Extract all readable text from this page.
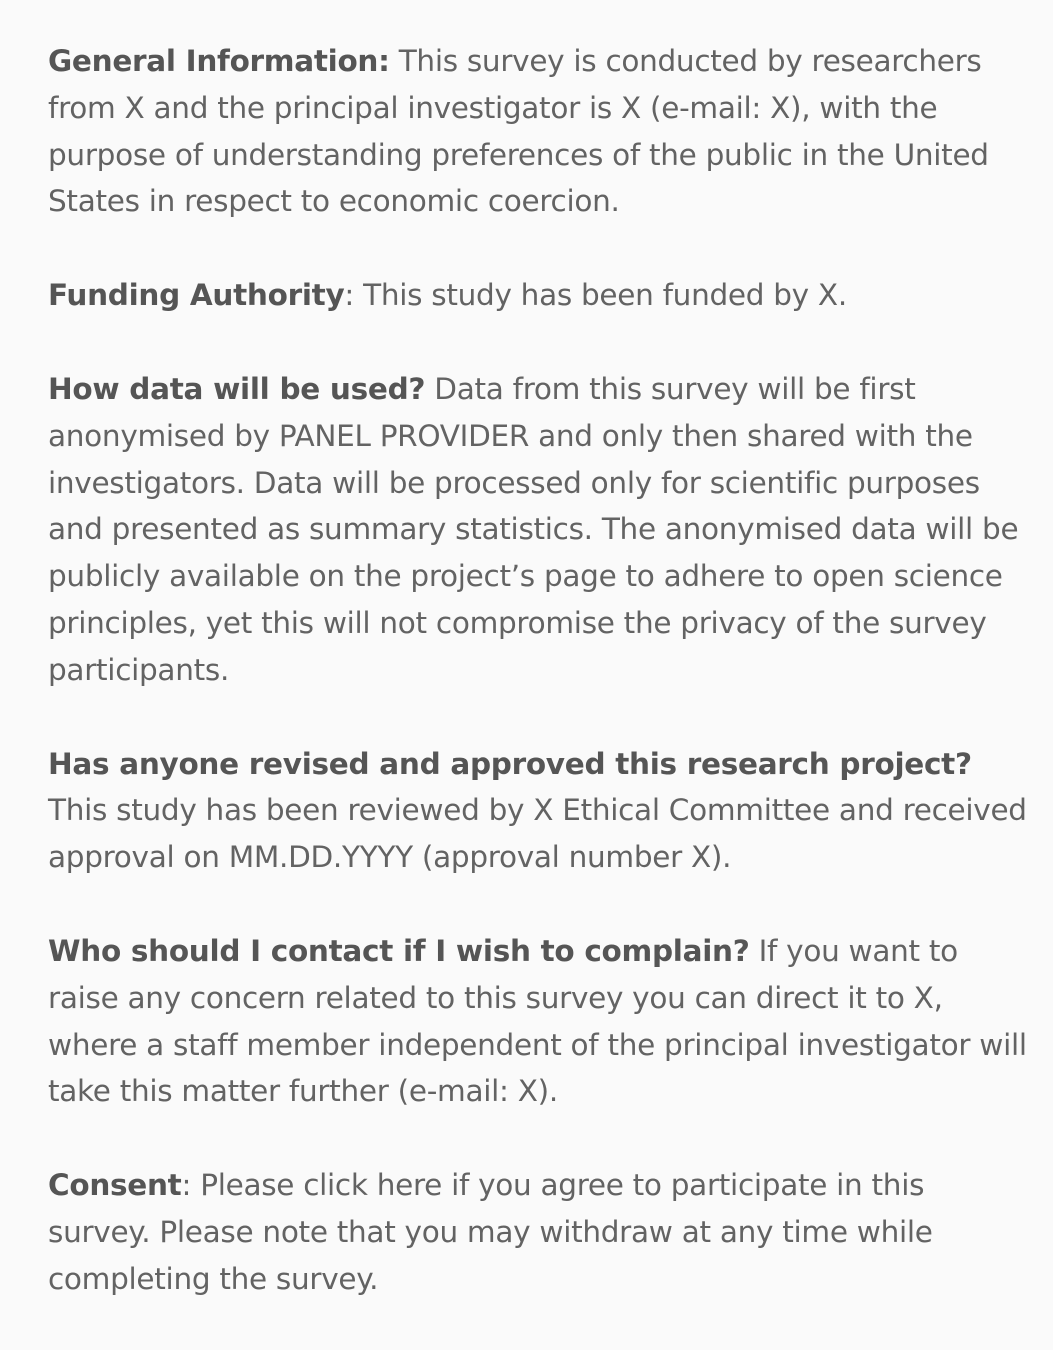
General Information: This survey is conducted by researchers from X and the principal investigator is X (e-mail: X), with the purpose of understanding preferences of the public in the United States in respect to economic coercion.

Funding Authority: This study has been funded by X.

How data will be used? Data from this survey will be first anonymised by PANEL PROVIDER and only then shared with the investigators. Data will be processed only for scientific purposes and presented as summary statistics. The anonymised data will be publicly available on the project’s page to adhere to open science principles, yet this will not compromise the privacy of the survey participants.

Has anyone revised and approved this research project? This study has been reviewed by X Ethical Committee and received approval on MM.DD.YYYY (approval number X).

Who should I contact if I wish to complain? If you want to raise any concern related to this survey you can direct it to X, where a staff member independent of the principal investigator will take this matter further (e-mail: X).

Consent: Please click here if you agree to participate in this survey. Please note that you may withdraw at any time while completing the survey.
